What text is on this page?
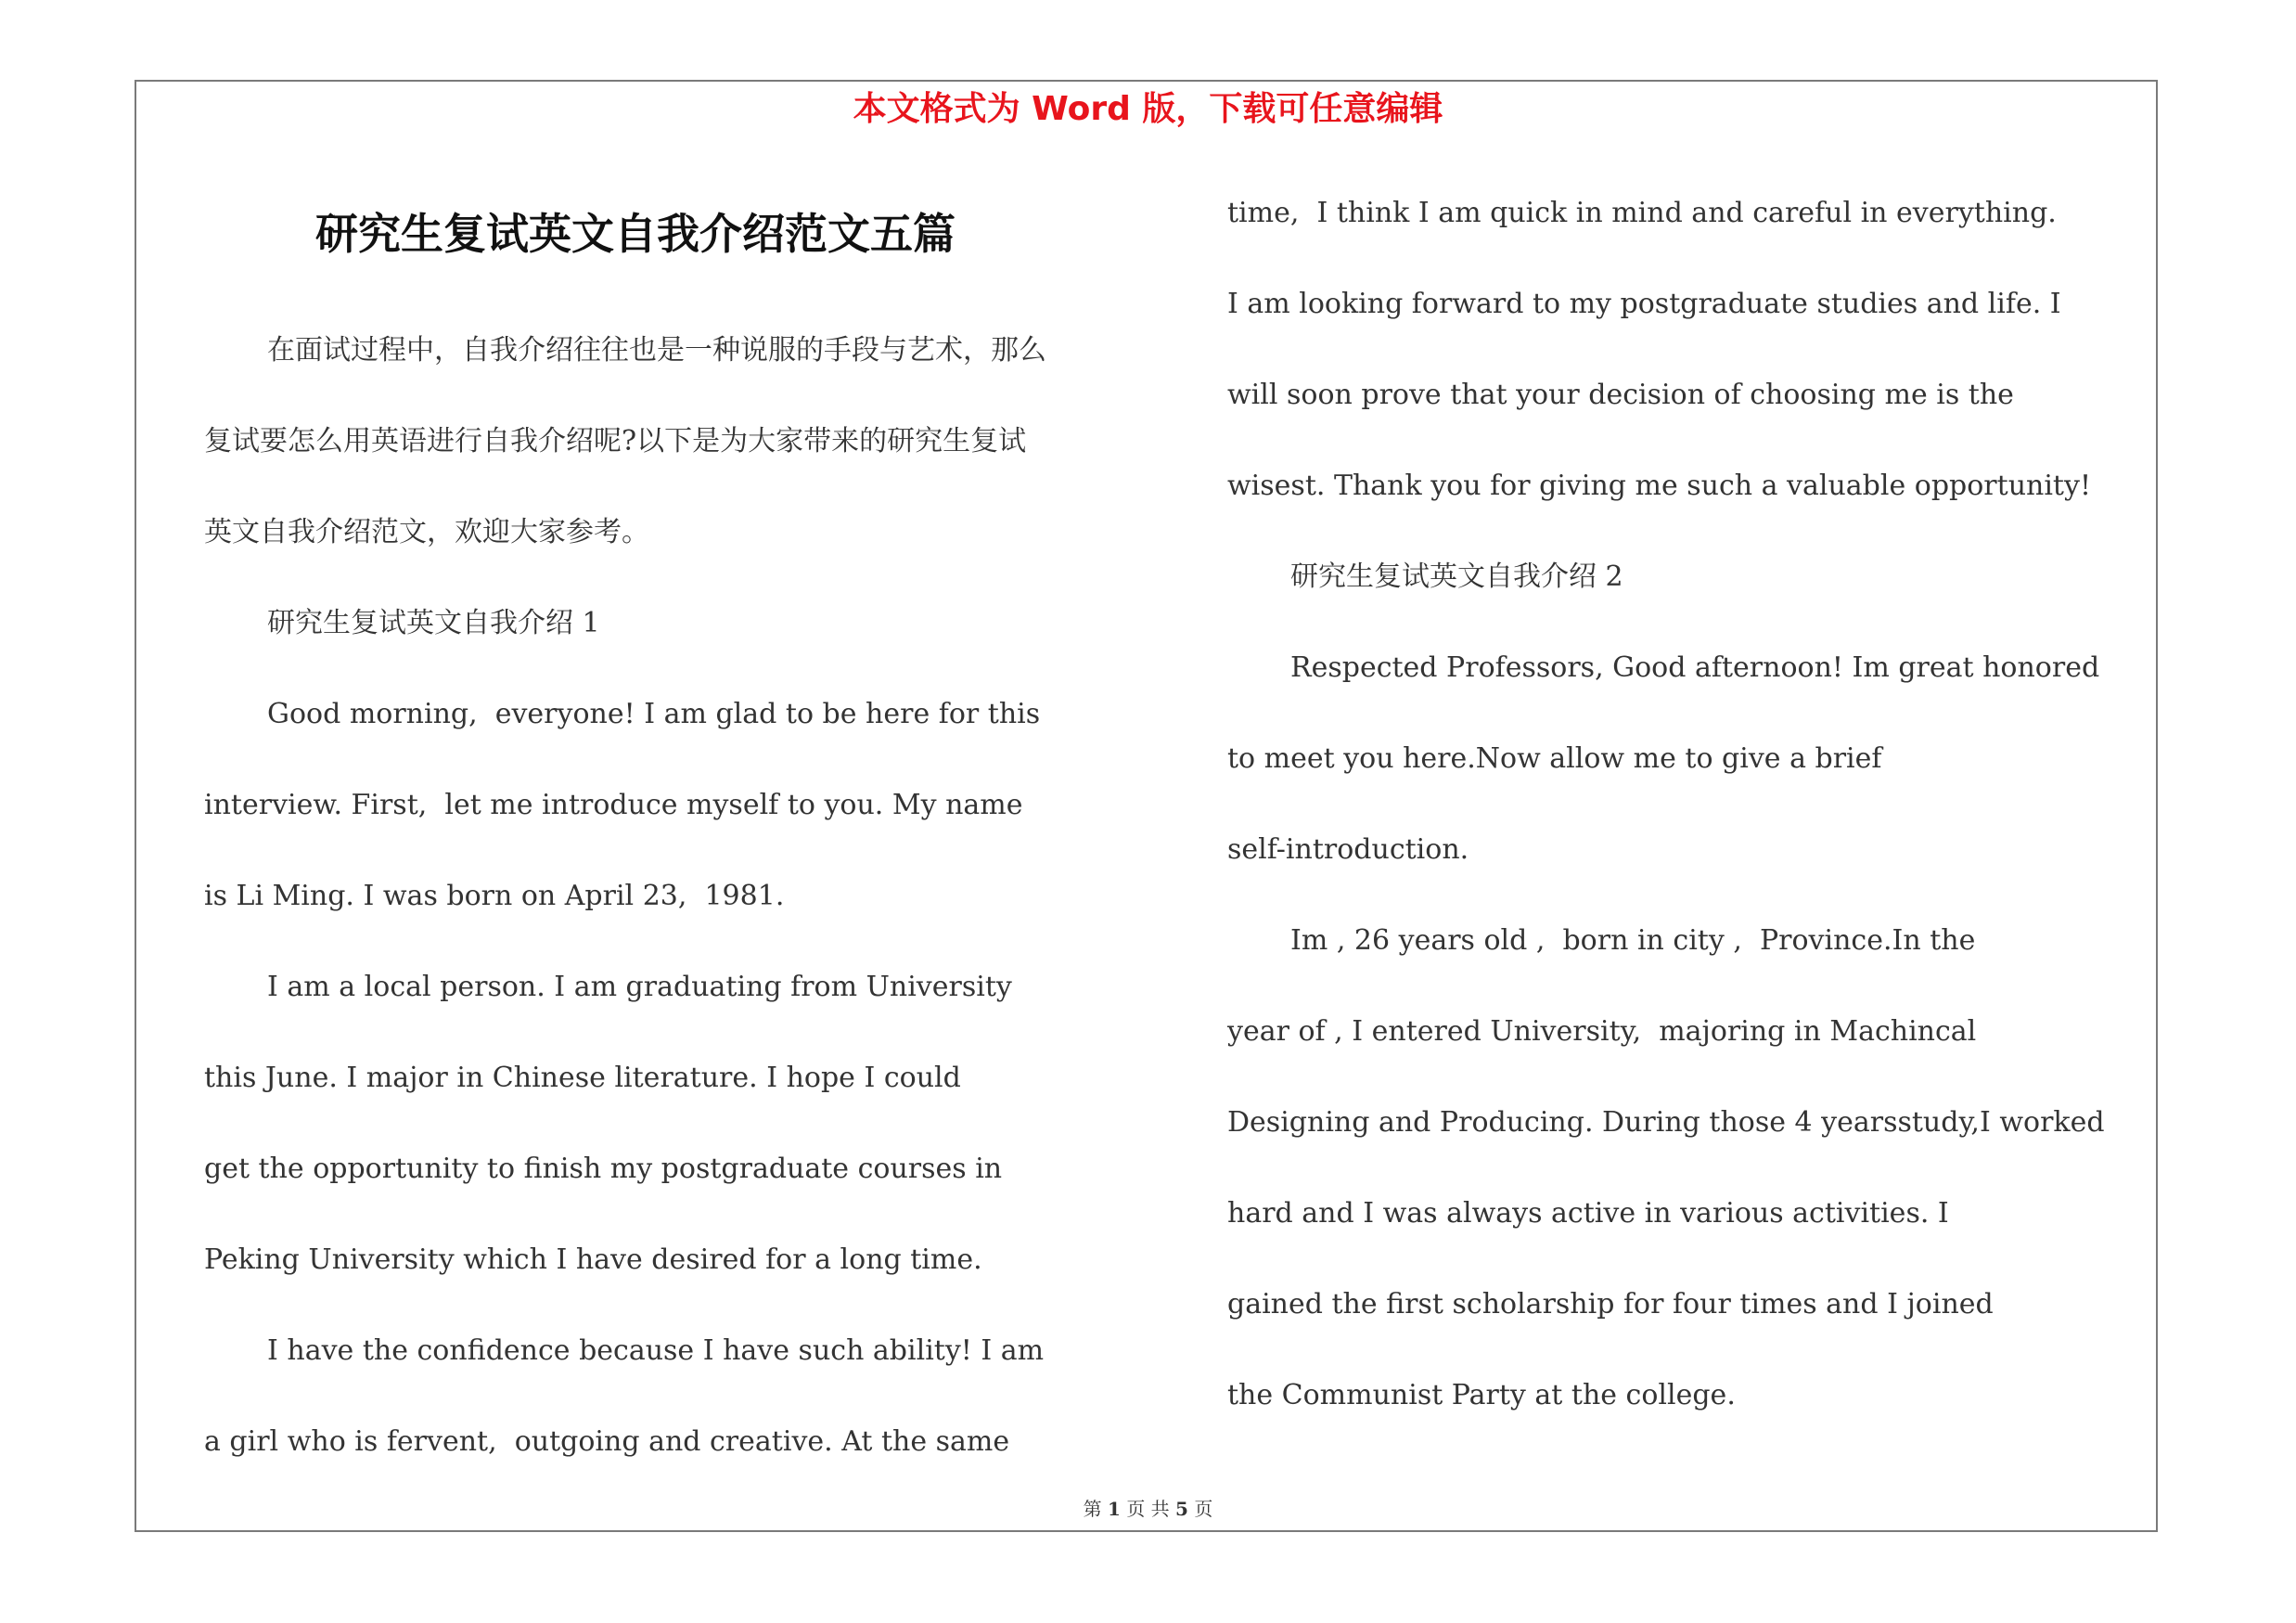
本文格式为 Word 版，下载可任意编辑
研究生复试英文自我介绍范文五篇
在面试过程中，自我介绍往往也是一种说服的手段与艺术，那么
复试要怎么用英语进行自我介绍呢?以下是为大家带来的研究生复试
英文自我介绍范文，欢迎大家参考。
研究生复试英文自我介绍 1
Good morning,  everyone! I am glad to be here for this
interview. First,  let me introduce myself to you. My name
is Li Ming. I was born on April 23,  1981.
I am a local person. I am graduating from University
this June. I major in Chinese literature. I hope I could
get the opportunity to finish my postgraduate courses in
Peking University which I have desired for a long time.
I have the confidence because I have such ability! I am
a girl who is fervent,  outgoing and creative. At the same
time,  I think I am quick in mind and careful in everything.
I am looking forward to my postgraduate studies and life. I
will soon prove that your decision of choosing me is the
wisest. Thank you for giving me such a valuable opportunity!
研究生复试英文自我介绍 2
Respected Professors, Good afternoon! Im great honored
to meet you here.Now allow me to give a brief
self-introduction.
Im , 26 years old ,  born in city ,  Province.In the
year of , I entered University,  majoring in Machincal
Designing and Producing. During those 4 yearsstudy,I worked
hard and I was always active in various activities. I
gained the first scholarship for four times and I joined
the Communist Party at the college.
第 1 页 共 5 页
